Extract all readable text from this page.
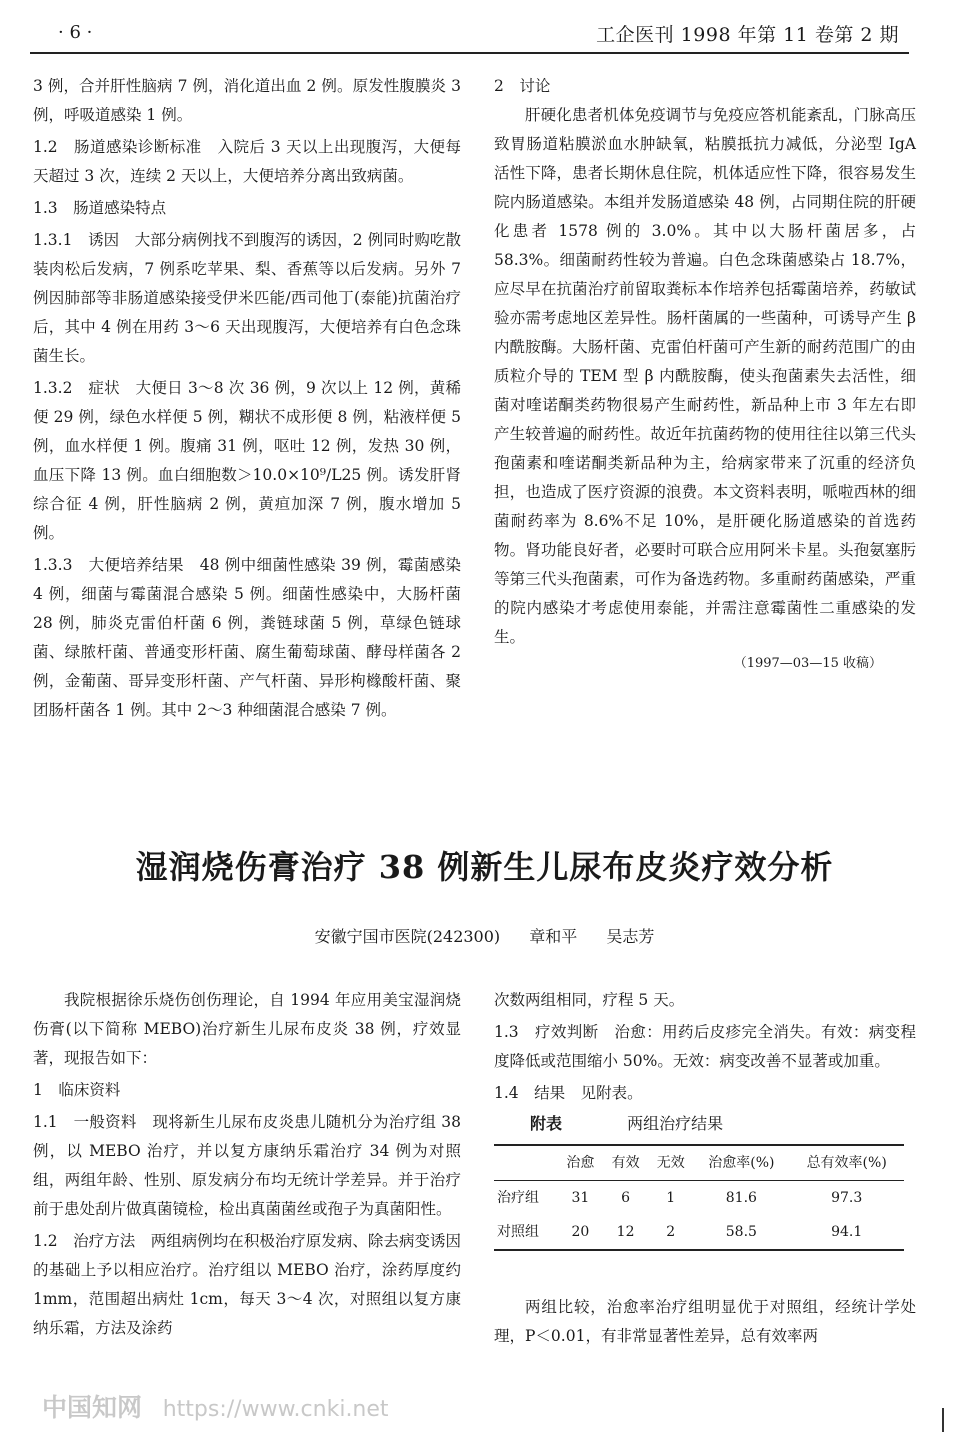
· 6 ·	工企医刊 1998 年第 11 卷第 2 期

3 例，合并肝性脑病 7 例，消化道出血 2 例。原发性腹膜炎 3 例，呼吸道感染 1 例。

1.2　肠道感染诊断标准　入院后 3 天以上出现腹泻，大便每天超过 3 次，连续 2 天以上，大便培养分离出致病菌。

1.3　肠道感染特点

1.3.1　诱因　大部分病例找不到腹泻的诱因，2 例同时购吃散装肉松后发病，7 例系吃苹果、梨、香蕉等以后发病。另外 7 例因肺部等非肠道感染接受伊米匹能/西司他丁(泰能)抗菌治疗后，其中 4 例在用药 3～6 天出现腹泻，大便培养有白色念珠菌生长。

1.3.2　症状　大便日 3～8 次 36 例，9 次以上 12 例，黄稀便 29 例，绿色水样便 5 例，糊状不成形便 8 例，粘液样便 5 例，血水样便 1 例。腹痛 31 例，呕吐 12 例，发热 30 例，血压下降 13 例。血白细胞数＞10.0×10⁹/L25 例。诱发肝肾综合征 4 例，肝性脑病 2 例，黄疸加深 7 例，腹水增加 5 例。

1.3.3　大便培养结果　48 例中细菌性感染 39 例，霉菌感染 4 例，细菌与霉菌混合感染 5 例。细菌性感染中，大肠杆菌 28 例，肺炎克雷伯杆菌 6 例，粪链球菌 5 例，草绿色链球菌、绿脓杆菌、普通变形杆菌、腐生葡萄球菌、酵母样菌各 2 例，金葡菌、哥异变形杆菌、产气杆菌、异形枸橼酸杆菌、聚团肠杆菌各 1 例。其中 2～3 种细菌混合感染 7 例。

2　讨论

肝硬化患者机体免疫调节与免疫应答机能紊乱，门脉高压致胃肠道粘膜淤血水肿缺氧，粘膜抵抗力减低，分泌型 IgA 活性下降，患者长期休息住院，机体适应性下降，很容易发生院内肠道感染。本组并发肠道感染 48 例，占同期住院的肝硬化患者 1578 例的 3.0%。其中以大肠杆菌居多，占 58.3%。细菌耐药性较为普遍。白色念珠菌感染占 18.7%，应尽早在抗菌治疗前留取粪标本作培养包括霉菌培养，药敏试验亦需考虑地区差异性。肠杆菌属的一些菌种，可诱导产生 β 内酰胺酶。大肠杆菌、克雷伯杆菌可产生新的耐药范围广的由质粒介导的 TEM 型 β 内酰胺酶，使头孢菌素失去活性，细菌对喹诺酮类药物很易产生耐药性，新品种上市 3 年左右即产生较普遍的耐药性。故近年抗菌药物的使用往往以第三代头孢菌素和喹诺酮类新品种为主，给病家带来了沉重的经济负担，也造成了医疗资源的浪费。本文资料表明，哌啦西林的细菌耐药率为 8.6%不足 10%，是肝硬化肠道感染的首选药物。肾功能良好者，必要时可联合应用阿米卡星。头孢氨塞肟等第三代头孢菌素，可作为备选药物。多重耐药菌感染，严重的院内感染才考虑使用泰能，并需注意霉菌性二重感染的发生。

（1997—03—15 收稿）

湿润烧伤膏治疗 38 例新生儿尿布皮炎疗效分析
安徽宁国市医院(242300) 章和平 吴志芳

我院根据徐乐烧伤创伤理论，自 1994 年应用美宝湿润烧伤膏(以下简称 MEBO)治疗新生儿尿布皮炎 38 例，疗效显著，现报告如下：

1　临床资料

1.1　一般资料　现将新生儿尿布皮炎患儿随机分为治疗组 38 例，以 MEBO 治疗，并以复方康纳乐霜治疗 34 例为对照组，两组年龄、性别、原发病分布均无统计学差异。并于治疗前于患处刮片做真菌镜检，检出真菌菌丝或孢子为真菌阳性。

1.2　治疗方法　两组病例均在积极治疗原发病、除去病变诱因的基础上予以相应治疗。治疗组以 MEBO 治疗，涂药厚度约 1mm，范围超出病灶 1cm，每天 3～4 次，对照组以复方康纳乐霜，方法及涂药

次数两组相同，疗程 5 天。

1.3　疗效判断　治愈：用药后皮疹完全消失。有效：病变程度降低或范围缩小 50%。无效：病变改善不显著或加重。

1.4　结果　见附表。

附表	两组治疗结果
	治愈	有效	无效	治愈率(%)	总有效率(%)
治疗组	31	6	1	81.6	97.3
对照组	20	12	2	58.5	94.1

两组比较，治愈率治疗组明显优于对照组，经统计学处理，P＜0.01，有非常显著性差异，总有效率两

中国知网 https://www.cnki.net
